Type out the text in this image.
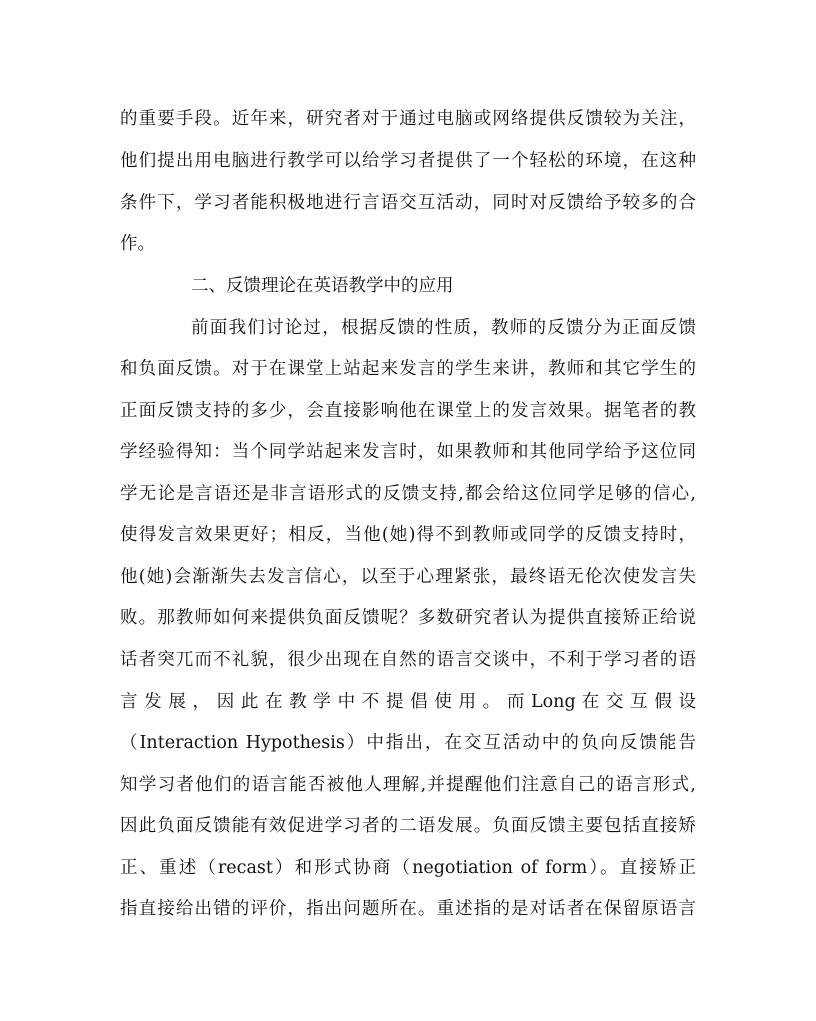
的重要手段。近年来，研究者对于通过电脑或网络提供反馈较为关注，
他们提出用电脑进行教学可以给学习者提供了一个轻松的环境，在这种
条件下，学习者能积极地进行言语交互活动，同时对反馈给予较多的合
作。
二、反馈理论在英语教学中的应用
前面我们讨论过，根据反馈的性质，教师的反馈分为正面反馈
和负面反馈。对于在课堂上站起来发言的学生来讲，教师和其它学生的
正面反馈支持的多少，会直接影响他在课堂上的发言效果。据笔者的教
学经验得知：当个同学站起来发言时，如果教师和其他同学给予这位同
学无论是言语还是非言语形式的反馈支持,都会给这位同学足够的信心,
使得发言效果更好；相反，当他(她)得不到教师或同学的反馈支持时，
他(她)会渐渐失去发言信心，以至于心理紧张，最终语无伦次使发言失
败。那教师如何来提供负面反馈呢？多数研究者认为提供直接矫正给说
话者突兀而不礼貌，很少出现在自然的语言交谈中，不利于学习者的语
言 发 展 ， 因 此 在 教 学 中 不 提 倡 使 用 。 而 Long 在 交 互 假 设
（Interaction Hypothesis）中指出，在交互活动中的负向反馈能告
知学习者他们的语言能否被他人理解,并提醒他们注意自己的语言形式,
因此负面反馈能有效促进学习者的二语发展。负面反馈主要包括直接矫
正、重述（recast）和形式协商（negotiation of form）。直接矫正
指直接给出错的评价，指出问题所在。重述指的是对话者在保留原语言
